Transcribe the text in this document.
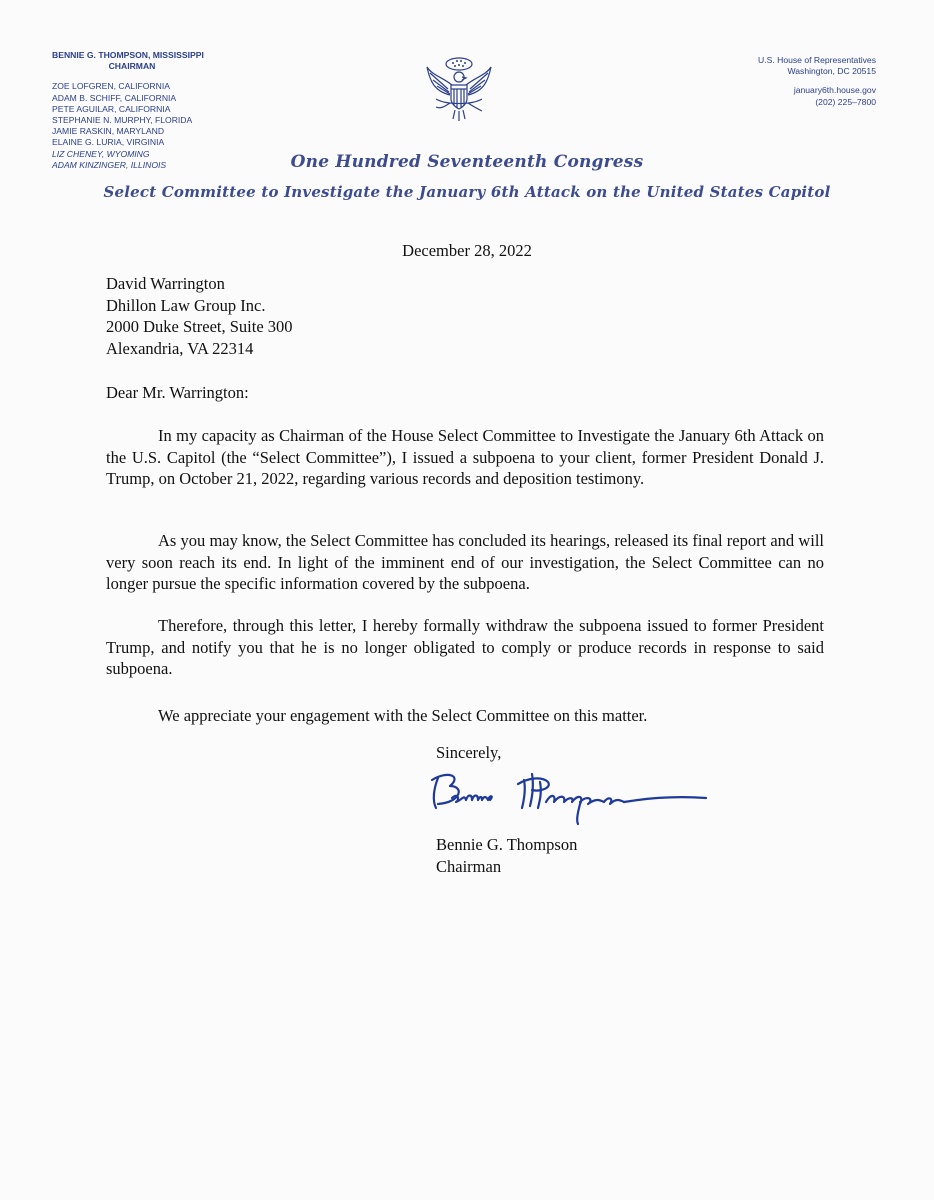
BENNIE G. THOMPSON, MISSISSIPPI
CHAIRMAN
ZOE LOFGREN, CALIFORNIA
ADAM B. SCHIFF, CALIFORNIA
PETE AGUILAR, CALIFORNIA
STEPHANIE N. MURPHY, FLORIDA
JAMIE RASKIN, MARYLAND
ELAINE G. LURIA, VIRGINIA
LIZ CHENEY, WYOMING
ADAM KINZINGER, ILLINOIS
U.S. House of Representatives
Washington, DC 20515
january6th.house.gov
(202) 225–7800
One Hundred Seventeenth Congress
Select Committee to Investigate the January 6th Attack on the United States Capitol
December 28, 2022
David Warrington
Dhillon Law Group Inc.
2000 Duke Street, Suite 300
Alexandria, VA 22314
Dear Mr. Warrington:
In my capacity as Chairman of the House Select Committee to Investigate the January 6th Attack on the U.S. Capitol (the “Select Committee”), I issued a subpoena to your client, former President Donald J. Trump, on October 21, 2022, regarding various records and deposition testimony.
As you may know, the Select Committee has concluded its hearings, released its final report and will very soon reach its end. In light of the imminent end of our investigation, the Select Committee can no longer pursue the specific information covered by the subpoena.
Therefore, through this letter, I hereby formally withdraw the subpoena issued to former President Trump, and notify you that he is no longer obligated to comply or produce records in response to said subpoena.
We appreciate your engagement with the Select Committee on this matter.
Sincerely,
Bennie G. Thompson
Chairman
